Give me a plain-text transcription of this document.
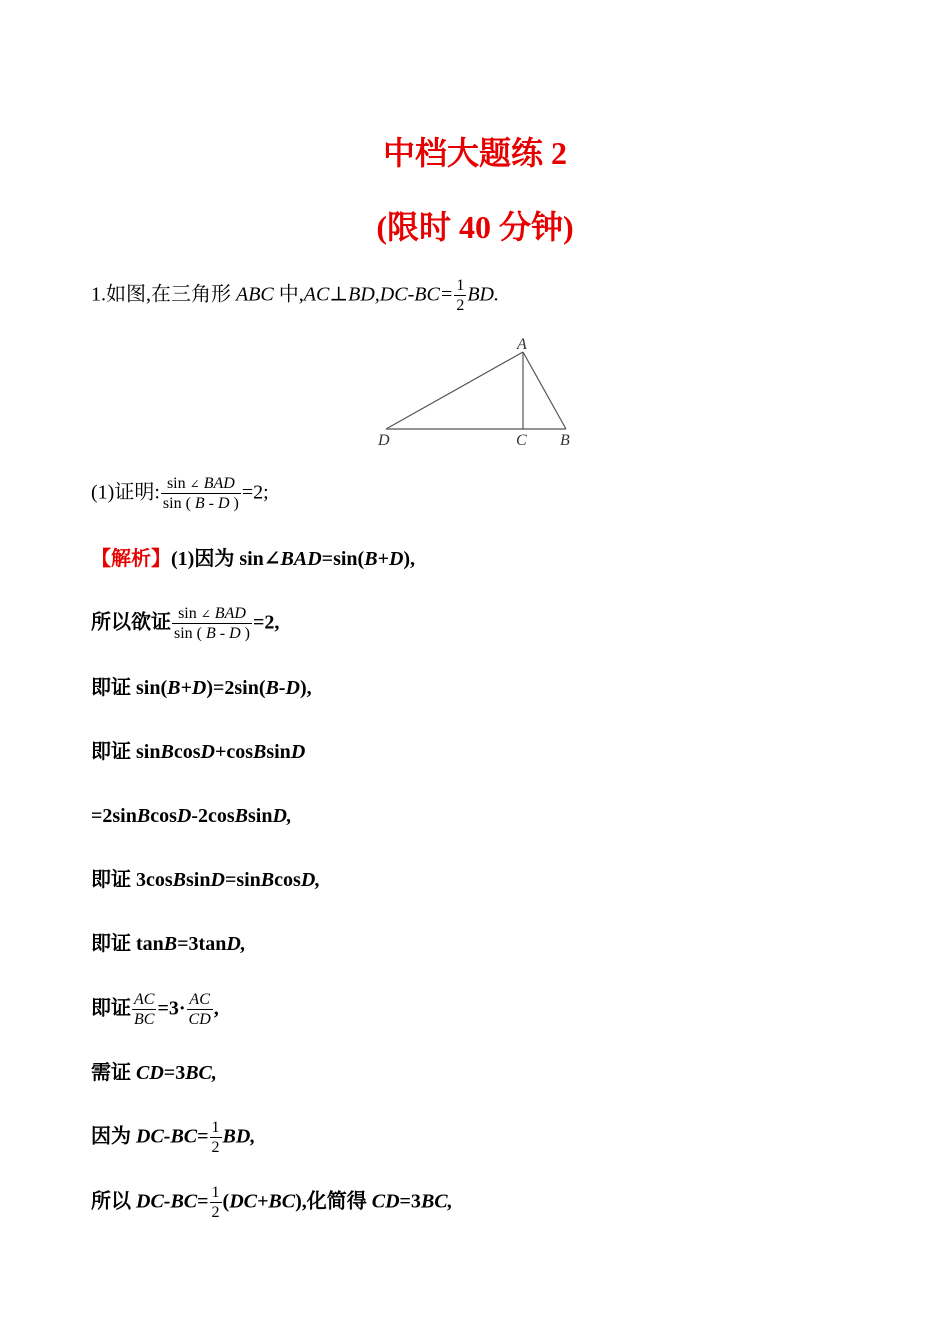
中档大题练 2
(限时 40 分钟)
1.如图,在三角形 ABC 中,AC⊥BD,DC-BC= $\frac{1}{2}$ BD.
A
D	C B
(1)证明: $\frac{\text{sin ∠ BAD}}{\sin ( B - D )} =2$;
【解析】(1)因为 sin∠BAD=sin(B+D),
所以欲证 $\frac{\text{sin ∠ BAD}}{\sin ( B - D )} =2$,
即证 sin(B+D)=2sin(B-D),
即证 sinBcosD+cosBsinD
=2sinBcosD-2cosBsinD,
即证 3cosBsinD=sinBcosD,
即证 tanB=3tanD,
即证 $\frac{AC}{BC} =3\cdot \frac{AC}{CD}$ ,
需证 CD=3BC,
因为 $DC-BC= \frac{1}{2}$ BD,
所以 $DC-BC= \frac{1}{2} (DC+BC)$,化简得 CD=3BC,
